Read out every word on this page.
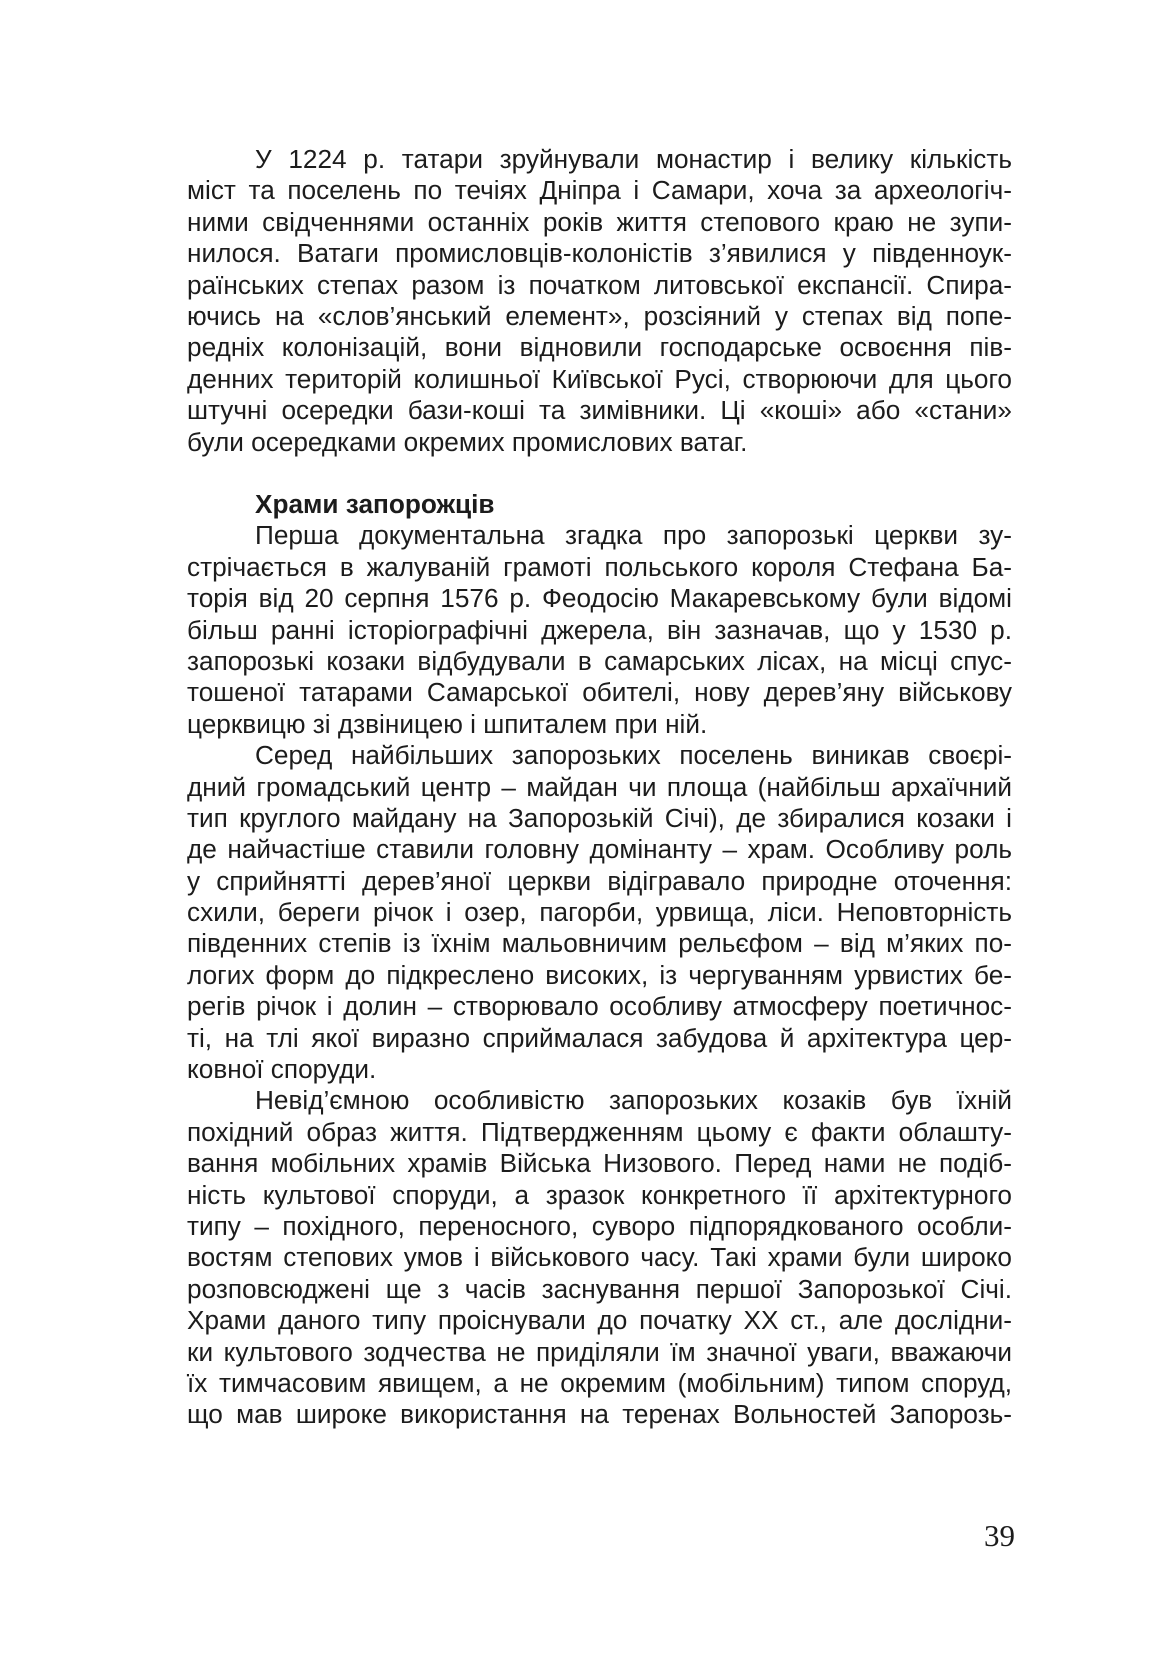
У 1224 р. татари зруйнували монастир і велику кількість
міст та поселень по течіях Дніпра і Самари, хоча за археологіч-
ними свідченнями останніх років життя степового краю не зупи-
нилося. Ватаги промисловців-колоністів з’явилися у південноук-
раїнських степах разом із початком литовської експансії. Спира-
ючись на «слов’янський елемент», розсіяний у степах від попе-
редніх колонізацій, вони відновили господарське освоєння пів-
денних територій колишньої Київської Русі, створюючи для цього
штучні осередки бази-коші та зимівники. Ці «коші» або «стани»
були осередками окремих промислових ватаг.
Храми запорожців
Перша документальна згадка про запорозькі церкви зу-
стрічається в жалуваній грамоті польського короля Стефана Ба-
торія від 20 серпня 1576 р. Феодосію Макаревському були відомі
більш ранні історіографічні джерела, він зазначав, що у 1530 р.
запорозькі козаки відбудували в самарських лісах, на місці спус-
тошеної татарами Самарської обителі, нову дерев’яну військову
церквицю зі дзвіницею і шпиталем при ній.
Серед найбільших запорозьких поселень виникав своєрі-
дний громадський центр – майдан чи площа (найбільш архаїчний
тип круглого майдану на Запорозькій Січі), де збиралися козаки і
де найчастіше ставили головну домінанту – храм. Особливу роль
у сприйнятті дерев’яної церкви відігравало природне оточення:
схили, береги річок і озер, пагорби, урвища, ліси. Неповторність
південних степів із їхнім мальовничим рельєфом – від м’яких по-
логих форм до підкреслено високих, із чергуванням урвистих бе-
регів річок і долин – створювало особливу атмосферу поетичнос-
ті, на тлі якої виразно сприймалася забудова й архітектура цер-
ковної споруди.
Невід’ємною особливістю запорозьких козаків був їхній
похідний образ життя. Підтвердженням цьому є факти облашту-
вання мобільних храмів Війська Низового. Перед нами не подіб-
ність культової споруди, а зразок конкретного її архітектурного
типу – похідного, переносного, суворо підпорядкованого особли-
востям степових умов і військового часу. Такі храми були широко
розповсюджені ще з часів заснування першої Запорозької Січі.
Храми даного типу проіснували до початку XX ст., але дослідни-
ки культового зодчества не приділяли їм значної уваги, вважаючи
їх тимчасовим явищем, а не окремим (мобільним) типом споруд,
що мав широке використання на теренах Вольностей Запорозь-
39
